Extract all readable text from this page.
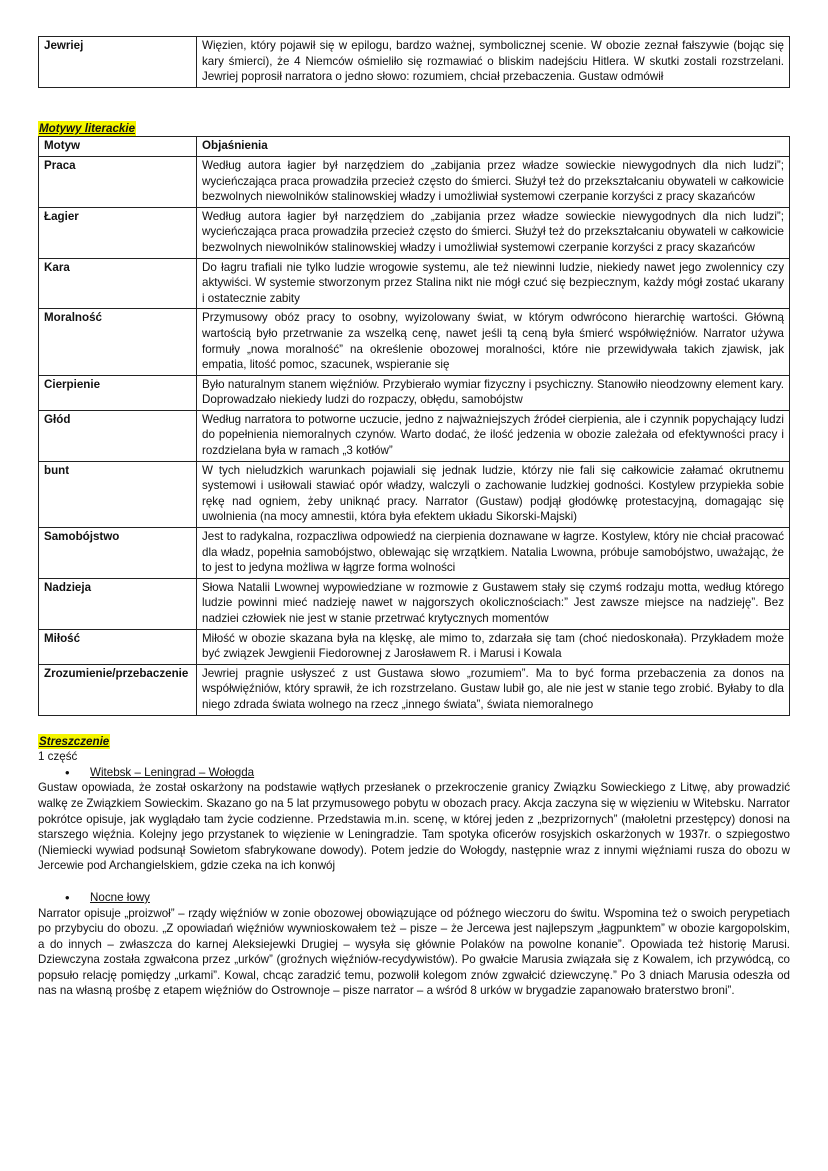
Jewriej	Więzien, który pojawił się w epilogu, bardzo ważnej, symbolicznej scenie. W obozie zeznał fałszywie (bojąc się kary śmierci), że 4 Niemców ośmieliło się rozmawiać o bliskim nadejściu Hitlera. W skutki zostali rozstrzelani. Jewriej poprosił narratora o jedno słowo: rozumiem, chciał przebaczenia. Gustaw odmówił
Motywy literackie
Motyw	Objaśnienia
Praca	Według autora łagier był narzędziem do „zabijania przez władze sowieckie niewygodnych dla nich ludzi”; wycieńczająca praca prowadziła przecież często do śmierci. Służył też do przekształcaniu obywateli w całkowicie bezwolnych niewolników stalinowskiej władzy i umożliwiał systemowi czerpanie korzyści z pracy skazańców
Łagier	Według autora łagier był narzędziem do „zabijania przez władze sowieckie niewygodnych dla nich ludzi”; wycieńczająca praca prowadziła przecież często do śmierci. Służył też do przekształcaniu obywateli w całkowicie bezwolnych niewolników stalinowskiej władzy i umożliwiał systemowi czerpanie korzyści z pracy skazańców
Kara	Do łagru trafiali nie tylko ludzie wrogowie systemu, ale też niewinni ludzie, niekiedy nawet jego zwolennicy czy aktywiści. W systemie stworzonym przez Stalina nikt nie mógł czuć się bezpiecznym, każdy mógł zostać ukarany i ostatecznie zabity
Moralność	Przymusowy obóz pracy to osobny, wyizolowany świat, w którym odwrócono hierarchię wartości. Główną wartością było przetrwanie za wszelką cenę, nawet jeśli tą ceną była śmierć współwięźniów. Narrator używa formuły „nowa moralność” na określenie obozowej moralności, które nie przewidywała takich zjawisk, jak empatia, litość pomoc, szacunek, wspieranie się
Cierpienie	Było naturalnym stanem więźniów. Przybierało wymiar fizyczny i psychiczny. Stanowiło nieodzowny element kary. Doprowadzało niekiedy ludzi do rozpaczy, obłędu, samobójstw
Głód	Według narratora to potworne uczucie, jedno z najważniejszych źródeł cierpienia, ale i czynnik popychający ludzi do popełnienia niemoralnych czynów. Warto dodać, że ilość jedzenia w obozie zależała od efektywności pracy i rozdzielana była w ramach „3 kotłów”
bunt	W tych nieludzkich warunkach pojawiali się jednak ludzie, którzy nie fali się całkowicie załamać okrutnemu systemowi i usiłowali stawiać opór władzy, walczyli o zachowanie ludzkiej godności. Kostylew przypiekła sobie rękę nad ogniem, żeby uniknąć pracy. Narrator (Gustaw) podjął głodówkę protestacyjną, domagając się uwolnienia (na mocy amnestii, która była efektem układu Sikorski-Majski)
Samobójstwo	Jest to radykalna, rozpaczliwa odpowiedź na cierpienia doznawane w łagrze. Kostylew, który nie chciał pracować dla władz, popełnia samobójstwo, oblewając się wrzątkiem. Natalia Lwowna, próbuje samobójstwo, uważając, że to jest to jedyna możliwa w łągrze forma wolności
Nadzieja	Słowa Natalii Lwownej wypowiedziane w rozmowie z Gustawem stały się czymś rodzaju motta, według którego ludzie powinni mieć nadzieję nawet w najgorszych okolicznościach:” Jest zawsze miejsce na nadzieję”. Bez nadziei człowiek nie jest w stanie przetrwać krytycznych momentów
Miłość	Miłość w obozie skazana była na klęskę, ale mimo to, zdarzała się tam (choć niedoskonała). Przykładem może być związek Jewgienii Fiedorownej z Jarosławem R. i Marusi i Kowala
Zrozumienie/przebaczenie	Jewriej pragnie usłyszeć z ust Gustawa słowo „rozumiem”. Ma to być forma przebaczenia za donos na współwięźniów, który sprawił, że ich rozstrzelano. Gustaw lubił go, ale nie jest w stanie tego zrobić. Byłaby to dla niego zdrada świata wolnego na rzecz „innego świata”, świata niemoralnego
Streszczenie
1 część
• Witebsk – Leningrad – Wołogda

Gustaw opowiada, że został oskarżony na podstawie wątłych przesłanek o przekroczenie granicy Związku Sowieckiego z Litwę, aby prowadzić walkę ze Związkiem Sowieckim. Skazano go na 5 lat przymusowego pobytu w obozach pracy. Akcja zaczyna się w więzieniu w Witebsku. Narrator pokrótce opisuje, jak wyglądało tam życie codzienne. Przedstawia m.in. scenę, w której jeden z „bezprizornych” (małoletni przestępcy) donosi na starszego więźnia. Kolejny jego przystanek to więzienie w Leningradzie. Tam spotyka oficerów rosyjskich oskarżonych w 1937r. o szpiegostwo (Niemiecki wywiad podsunął Sowietom sfabrykowane dowody). Potem jedzie do Wołogdy, następnie wraz z innymi więźniami rusza do obozu w Jercewie pod Archangielskiem, gdzie czeka na ich konwój

• Nocne łowy

Narrator opisuje „proizwoł” – rządy więźniów w zonie obozowej obowiązujące od późnego wieczoru do świtu. Wspomina też o swoich perypetiach po przybyciu do obozu. „Z opowiadań więźniów wywnioskowałem też – pisze – że Jercewa jest najlepszym „łagpunktem” w obozie kargopolskim, a do innych – zwłaszcza do karnej Aleksiejewki Drugiej – wysyła się głównie Polaków na powolne konanie”. Opowiada też historię Marusi. Dziewczyna została zgwałcona przez „urków” (groźnych więźniów-recydywistów). Po gwałcie Marusia związała się z Kowalem, ich przywódcą, co popsuło relację pomiędzy „urkami”. Kowal, chcąc zaradzić temu, pozwolił kolegom znów zgwałcić dziewczynę.” Po 3 dniach Marusia odeszła od nas na własną prośbę z etapem więźniów do Ostrownoje – pisze narrator – a wśród 8 urków w brygadzie zapanowało braterstwo broni”.
